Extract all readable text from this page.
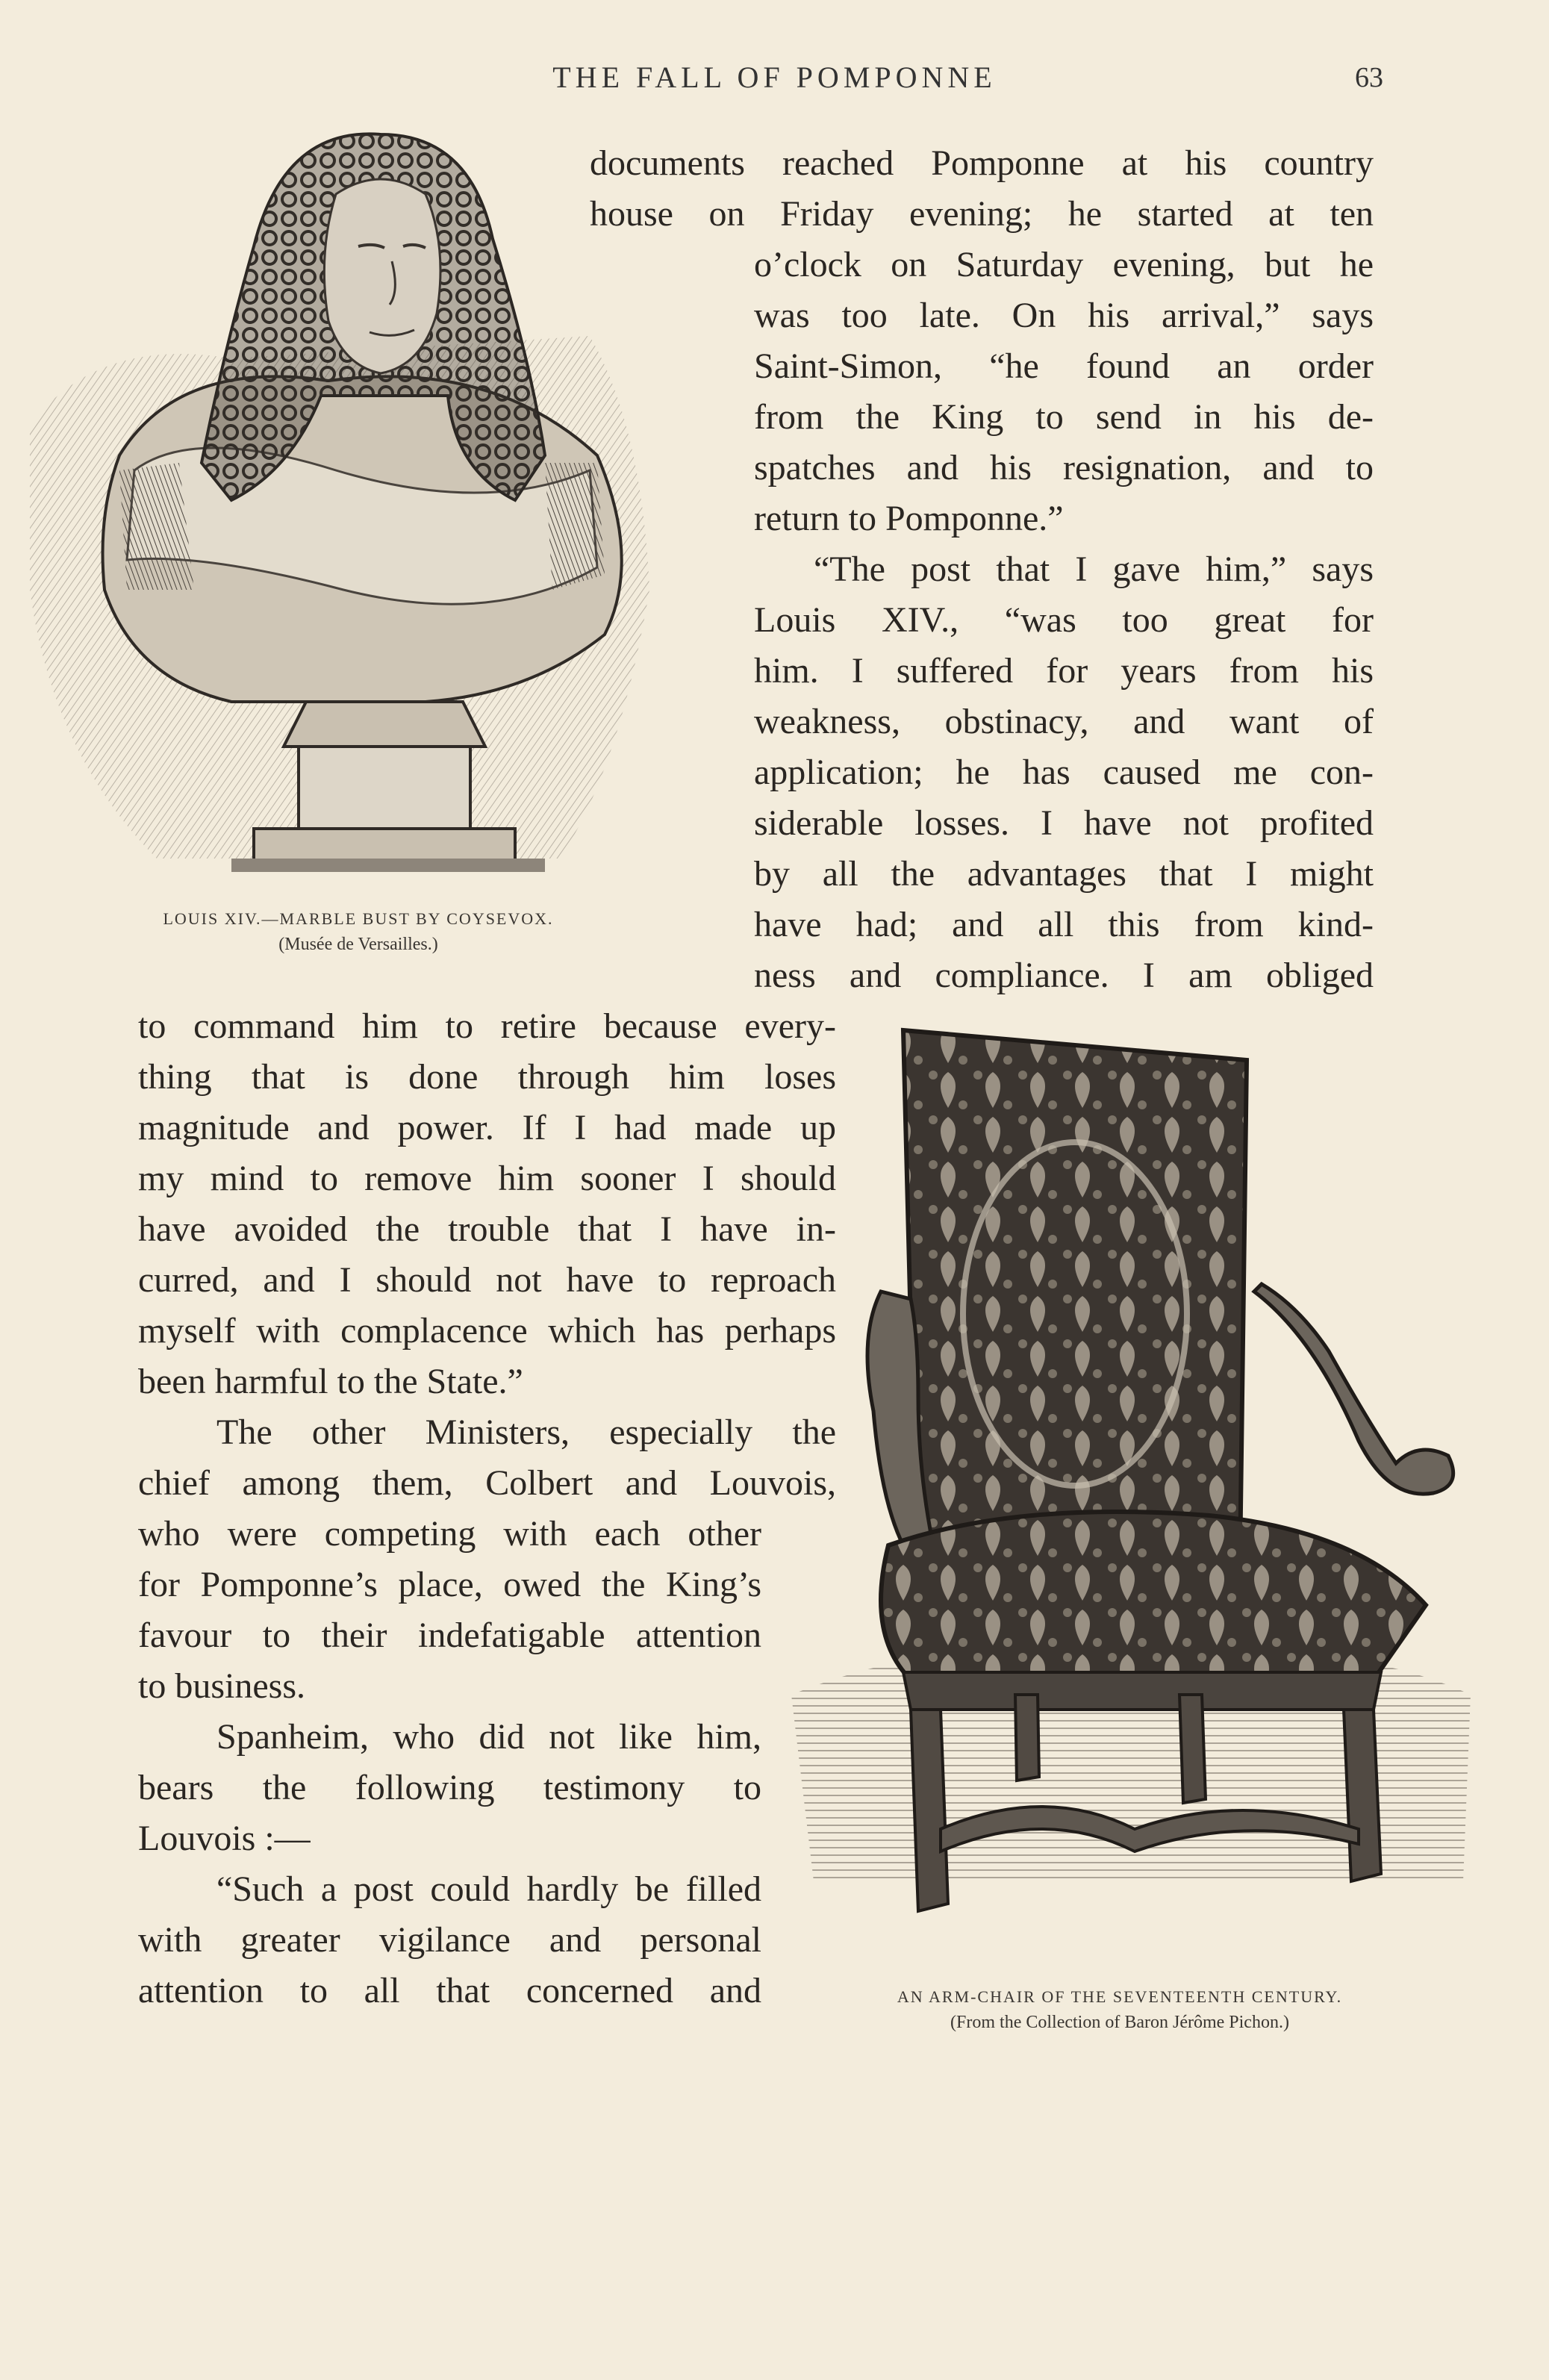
THE FALL OF POMPONNE	63
LOUIS XIV.—MARBLE BUST BY COYSEVOX.
(Musée de Versailles.)
AN ARM-CHAIR OF THE SEVENTEENTH CENTURY.
(From the Collection of Baron Jérôme Pichon.)
documents reached Pomponne at his country
house on Friday evening; he started at ten
o’clock on Saturday evening, but he
was too late. On his arrival,” says
Saint-Simon, “he found an order
from the King to send in his de-
spatches and his resignation, and to
return to Pomponne.”
“The post that I gave him,” says
Louis XIV., “was too great for
him. I suffered for years from his
weakness, obstinacy, and want of
application; he has caused me con-
siderable losses. I have not profited
by all the advantages that I might
have had; and all this from kind-
ness and compliance. I am obliged
to command him to retire because every-
thing that is done through him loses
magnitude and power. If I had made up
my mind to remove him sooner I should
have avoided the trouble that I have in-
curred, and I should not have to reproach
myself with complacence which has perhaps
been harmful to the State.”
The other Ministers, especially the
chief among them, Colbert and Louvois,
who were competing with each other
for Pomponne’s place, owed the King’s
favour to their indefatigable attention
to business.
Spanheim, who did not like him,
bears the following testimony to
Louvois :—
“Such a post could hardly be filled
with greater vigilance and personal
attention to all that concerned and
